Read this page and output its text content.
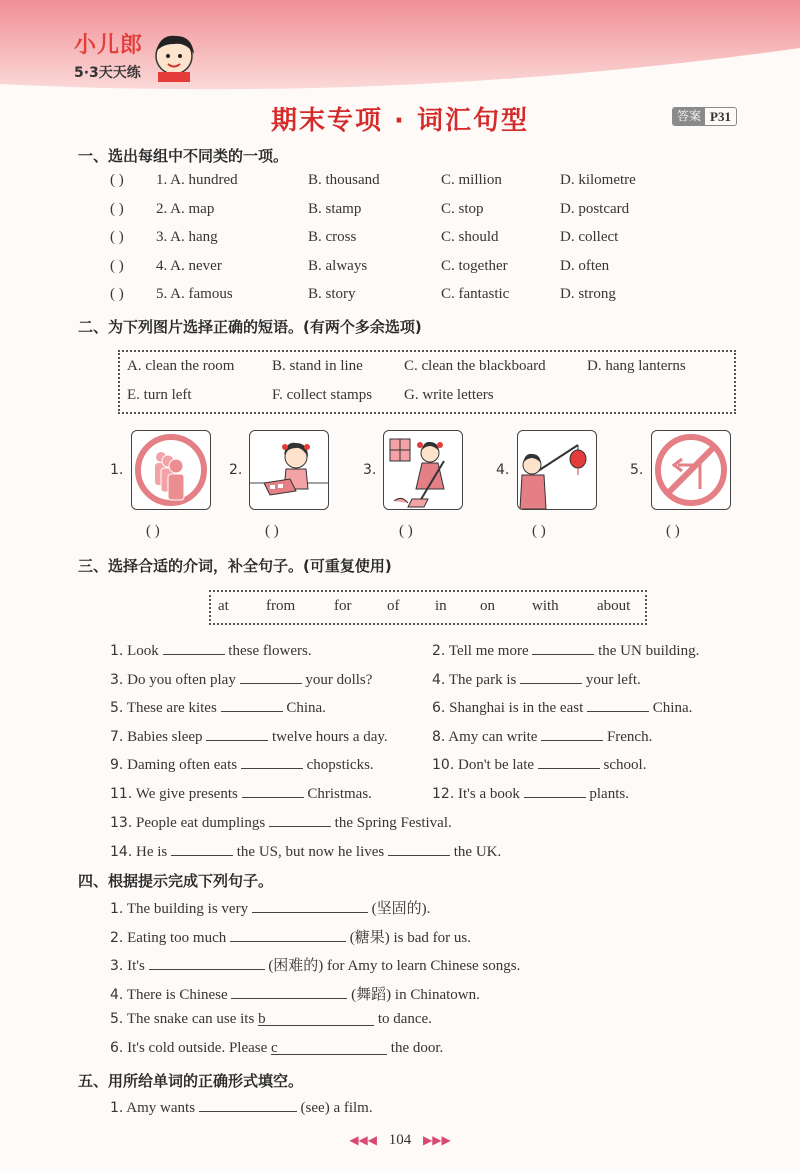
小儿郎
5·3天天练
期末专项 · 词汇句型	答案 P31
一、选出每组中不同类的一项。
( ) 1. A. hundred	B. thousand	C. million	D. kilometre
( ) 2. A. map	B. stamp	C. stop	D. postcard
( ) 3. A. hang	B. cross	C. should	D. collect
( ) 4. A. never	B. always	C. together	D. often
( ) 5. A. famous	B. story	C. fantastic	D. strong
二、为下列图片选择正确的短语。(有两个多余选项)
A. clean the room	B. stand in line	C. clean the blackboard	D. hang lanterns
E. turn left	F. collect stamps G. write letters
1.	2.	3.	4.	5.
( )	( )	( )	( )	( )
三、选择合适的介词，补全句子。(可重复使用)
at from	for of in on with	about
1. Look	these flowers.
3. Do you often play	your dolls?
5. These are kites	China.
7. Babies sleep	twelve hours a day.
9. Daming often eats	chopsticks.
11. We give presents	Christmas.
2. Tell me more	the UN building.
4. The park is	your left.
6. Shanghai is in the east	China.
8. Amy can write	French.
10. Don't be late	school.
12. It's a book	plants.
13. People eat dumplings	the Spring Festival.
14. He is	the US, but now he lives	the UK.
四、根据提示完成下列句子。
1. The building is very	(坚固的).
2. Eating too much	(糖果) is bad for us.
3. It's	(困难的) for Amy to learn Chinese songs.
4. There is Chinese	(舞蹈) in Chinatown.
5. The snake can use its b	to dance.
6. It's cold outside. Please c	the door.
五、用所给单词的正确形式填空。
1. Amy wants	(see) a film.
◀◀◀ 104 ▶▶▶
